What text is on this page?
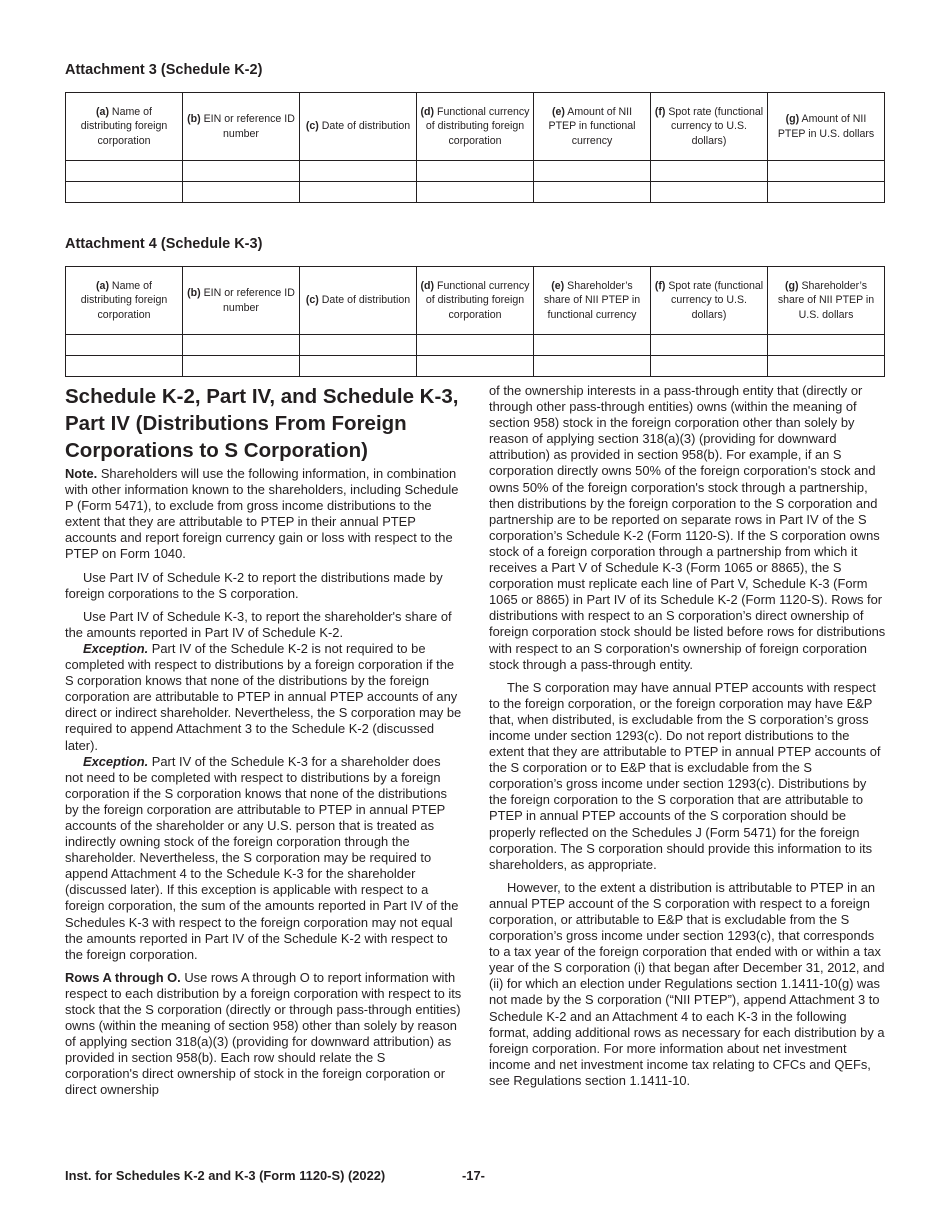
Attachment 3 (Schedule K-2)
(a) Name of distributing foreign corporation	(b) EIN or reference ID number	(c) Date of distribution	(d) Functional currency of distributing foreign corporation	(e) Amount of NII PTEP in functional currency	(f) Spot rate (functional currency to U.S. dollars)	(g) Amount of NII PTEP in U.S. dollars

Attachment 4 (Schedule K-3)
(a) Name of distributing foreign corporation	(b) EIN or reference ID number	(c) Date of distribution	(d) Functional currency of distributing foreign corporation	(e) Shareholder’s share of NII PTEP in functional currency	(f) Spot rate (functional currency to U.S. dollars)	(g) Shareholder’s share of NII PTEP in U.S. dollars

Schedule K-2, Part IV, and Schedule K-3, Part IV (Distributions From Foreign Corporations to S Corporation)

Note. Shareholders will use the following information, in combination with other information known to the shareholders, including Schedule P (Form 5471), to exclude from gross income distributions to the extent that they are attributable to PTEP in their annual PTEP accounts and report foreign currency gain or loss with respect to the PTEP on Form 1040.

Use Part IV of Schedule K-2 to report the distributions made by foreign corporations to the S corporation.

Use Part IV of Schedule K-3, to report the shareholder's share of the amounts reported in Part IV of Schedule K-2.

Exception. Part IV of the Schedule K-2 is not required to be completed with respect to distributions by a foreign corporation if the S corporation knows that none of the distributions by the foreign corporation are attributable to PTEP in annual PTEP accounts of any direct or indirect shareholder. Nevertheless, the S corporation may be required to append Attachment 3 to the Schedule K-2 (discussed later).

Exception. Part IV of the Schedule K-3 for a shareholder does not need to be completed with respect to distributions by a foreign corporation if the S corporation knows that none of the distributions by the foreign corporation are attributable to PTEP in annual PTEP accounts of the shareholder or any U.S. person that is treated as indirectly owning stock of the foreign corporation through the shareholder. Nevertheless, the S corporation may be required to append Attachment 4 to the Schedule K-3 for the shareholder (discussed later). If this exception is applicable with respect to a foreign corporation, the sum of the amounts reported in Part IV of the Schedules K-3 with respect to the foreign corporation may not equal the amounts reported in Part IV of the Schedule K-2 with respect to the foreign corporation.

Rows A through O. Use rows A through O to report information with respect to each distribution by a foreign corporation with respect to its stock that the S corporation (directly or through pass-through entities) owns (within the meaning of section 958) other than solely by reason of applying section 318(a)(3) (providing for downward attribution) as provided in section 958(b). Each row should relate the S corporation's direct ownership of stock in the foreign corporation or direct ownership

of the ownership interests in a pass-through entity that (directly or through other pass-through entities) owns (within the meaning of section 958) stock in the foreign corporation other than solely by reason of applying section 318(a)(3) (providing for downward attribution) as provided in section 958(b). For example, if an S corporation directly owns 50% of the foreign corporation's stock and owns 50% of the foreign corporation's stock through a partnership, then distributions by the foreign corporation to the S corporation and partnership are to be reported on separate rows in Part IV of the S corporation’s Schedule K-2 (Form 1120-S). If the S corporation owns stock of a foreign corporation through a partnership from which it receives a Part V of Schedule K-3 (Form 1065 or 8865), the S corporation must replicate each line of Part V, Schedule K-3 (Form 1065 or 8865) in Part IV of its Schedule K-2 (Form 1120-S). Rows for distributions with respect to an S corporation’s direct ownership of foreign corporation stock should be listed before rows for distributions with respect to an S corporation's ownership of foreign corporation stock through a pass-through entity.

The S corporation may have annual PTEP accounts with respect to the foreign corporation, or the foreign corporation may have E&P that, when distributed, is excludable from the S corporation’s gross income under section 1293(c). Do not report distributions to the extent that they are attributable to PTEP in annual PTEP accounts of the S corporation or to E&P that is excludable from the S corporation’s gross income under section 1293(c). Distributions by the foreign corporation to the S corporation that are attributable to PTEP in annual PTEP accounts of the S corporation should be properly reflected on the Schedules J (Form 5471) for the foreign corporation. The S corporation should provide this information to its shareholders, as appropriate.

However, to the extent a distribution is attributable to PTEP in an annual PTEP account of the S corporation with respect to a foreign corporation, or attributable to E&P that is excludable from the S corporation’s gross income under section 1293(c), that corresponds to a tax year of the foreign corporation that ended with or within a tax year of the S corporation (i) that began after December 31, 2012, and (ii) for which an election under Regulations section 1.1411-10(g) was not made by the S corporation (“NII PTEP”), append Attachment 3 to Schedule K-2 and an Attachment 4 to each K-3 in the following format, adding additional rows as necessary for each distribution by a foreign corporation. For more information about net investment income and net investment income tax relating to CFCs and QEFs, see Regulations section 1.1411-10.

Inst. for Schedules K-2 and K-3 (Form 1120-S) (2022)	-17-
